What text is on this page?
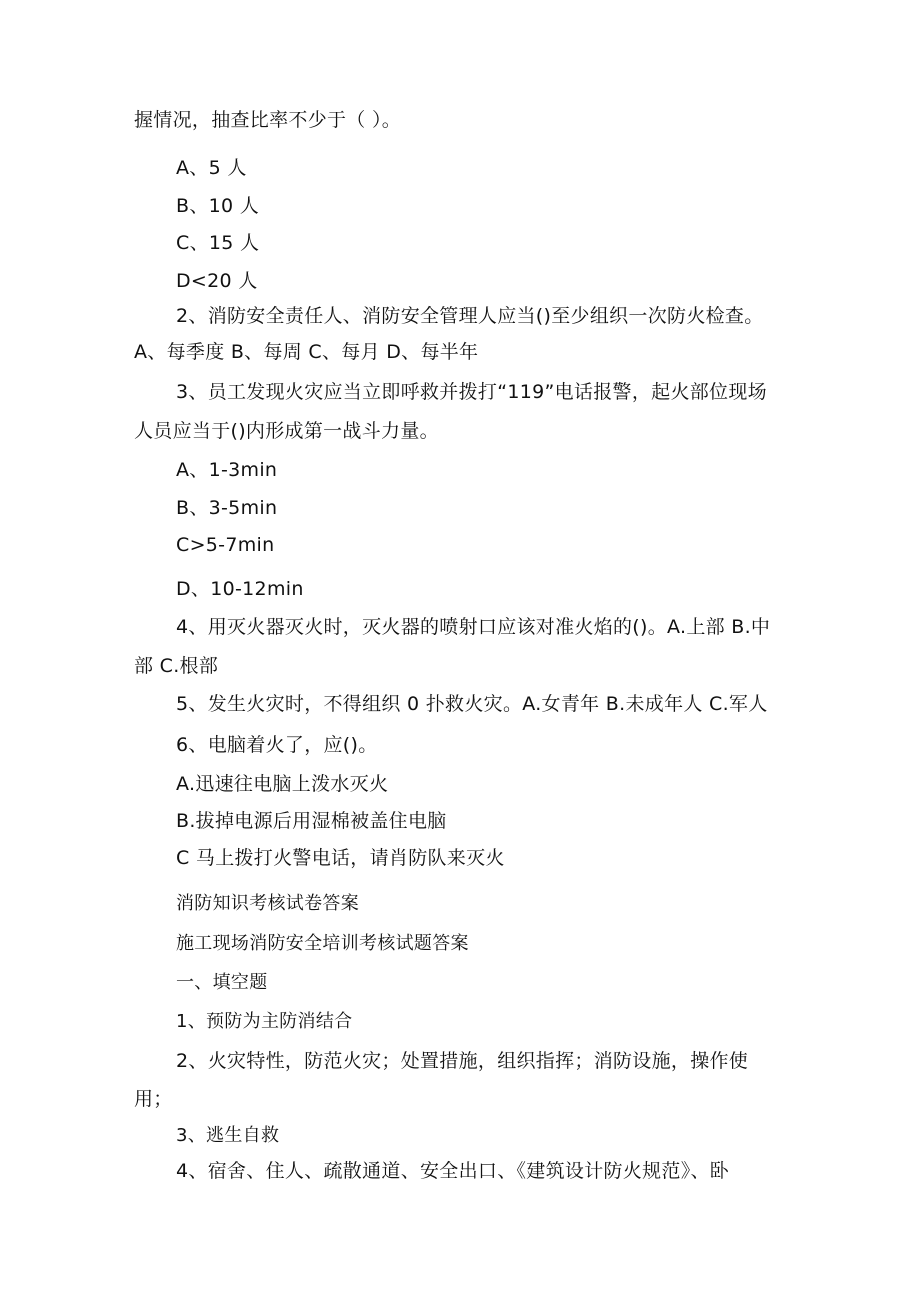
握情况，抽查比率不少于（ ）。
A、5 人
B、10 人
C、15 人
D<20 人
2、消防安全责任人、消防安全管理人应当()至少组织一次防火检查。
A、每季度 B、每周 C、每月 D、每半年
3、员工发现火灾应当立即呼救并拨打“119”电话报警，起火部位现场
人员应当于()内形成第一战斗力量。
A、1-3min
B、3-5min
C>5-7min
D、10-12min
4、用灭火器灭火时，灭火器的喷射口应该对准火焰的()。A.上部 B.中
部 C.根部
5、发生火灾时，不得组织 0 扑救火灾。A.女青年 B.未成年人 C.军人
6、电脑着火了，应()。
A.迅速往电脑上泼水灭火
B.拔掉电源后用湿棉被盖住电脑
C 马上拨打火警电话，请肖防队来灭火
消防知识考核试卷答案
施工现场消防安全培训考核试题答案
一、填空题
1、预防为主防消结合
2、火灾特性，防范火灾；处置措施，组织指挥；消防设施，操作使
用；
3、逃生自救
4、宿舍、住人、疏散通道、安全出口、《建筑设计防火规范》、卧
